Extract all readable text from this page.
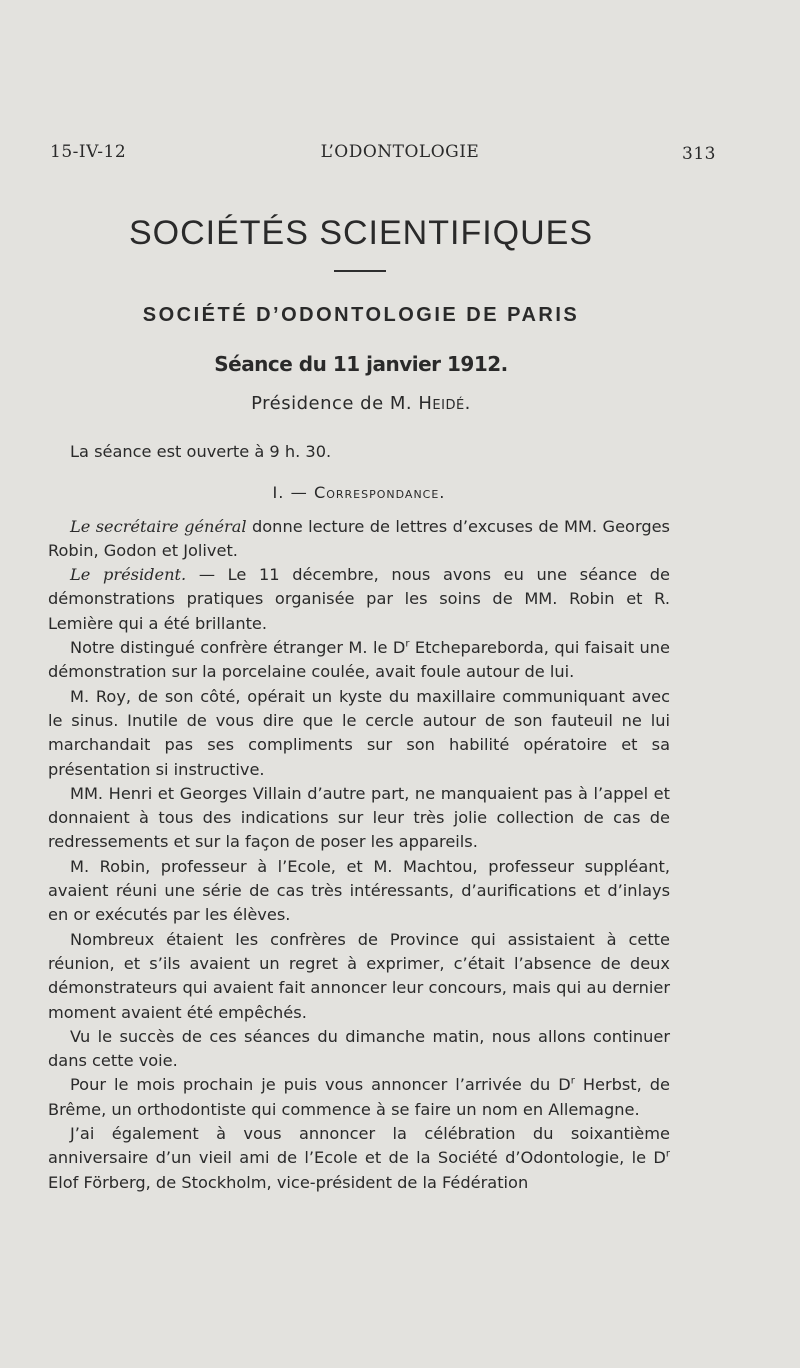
15-IV-12	L’ODONTOLOGIE	313
SOCIÉTÉS SCIENTIFIQUES
SOCIÉTÉ D’ODONTOLOGIE DE PARIS
Séance du 11 janvier 1912.
Présidence de M. Heidé.

La séance est ouverte à 9 h. 30.

I. — Correspondance.

Le secrétaire général donne lecture de lettres d’excuses de MM. Georges Robin, Godon et Jolivet.

Le président. — Le 11 décembre, nous avons eu une séance de démonstrations pratiques organisée par les soins de MM. Robin et R. Lemière qui a été brillante.

Notre distingué confrère étranger M. le $D^r$ Etchepareborda, qui faisait une démonstration sur la porcelaine coulée, avait foule autour de lui.

M. Roy, de son côté, opérait un kyste du maxillaire communiquant avec le sinus. Inutile de vous dire que le cercle autour de son fauteuil ne lui marchandait pas ses compliments sur son habilité opératoire et sa présentation si instructive.

MM. Henri et Georges Villain d’autre part, ne manquaient pas à l’appel et donnaient à tous des indications sur leur très jolie collection de cas de redressements et sur la façon de poser les appareils.

M. Robin, professeur à l’Ecole, et M. Machtou, professeur suppléant, avaient réuni une série de cas très intéressants, d’aurifications et d’inlays en or exécutés par les élèves.

Nombreux étaient les confrères de Province qui assistaient à cette réunion, et s’ils avaient un regret à exprimer, c’était l’absence de deux démonstrateurs qui avaient fait annoncer leur concours, mais qui au dernier moment avaient été empêchés.

Vu le succès de ces séances du dimanche matin, nous allons continuer dans cette voie.

Pour le mois prochain je puis vous annoncer l’arrivée du $D^r$ Herbst, de Brême, un orthodontiste qui commence à se faire un nom en Allemagne.

J’ai également à vous annoncer la célébration du soixantième anniversaire d’un vieil ami de l’Ecole et de la Société d’Odontologie, le $D^r$ Elof Förberg, de Stockholm, vice-président de la Fédération
